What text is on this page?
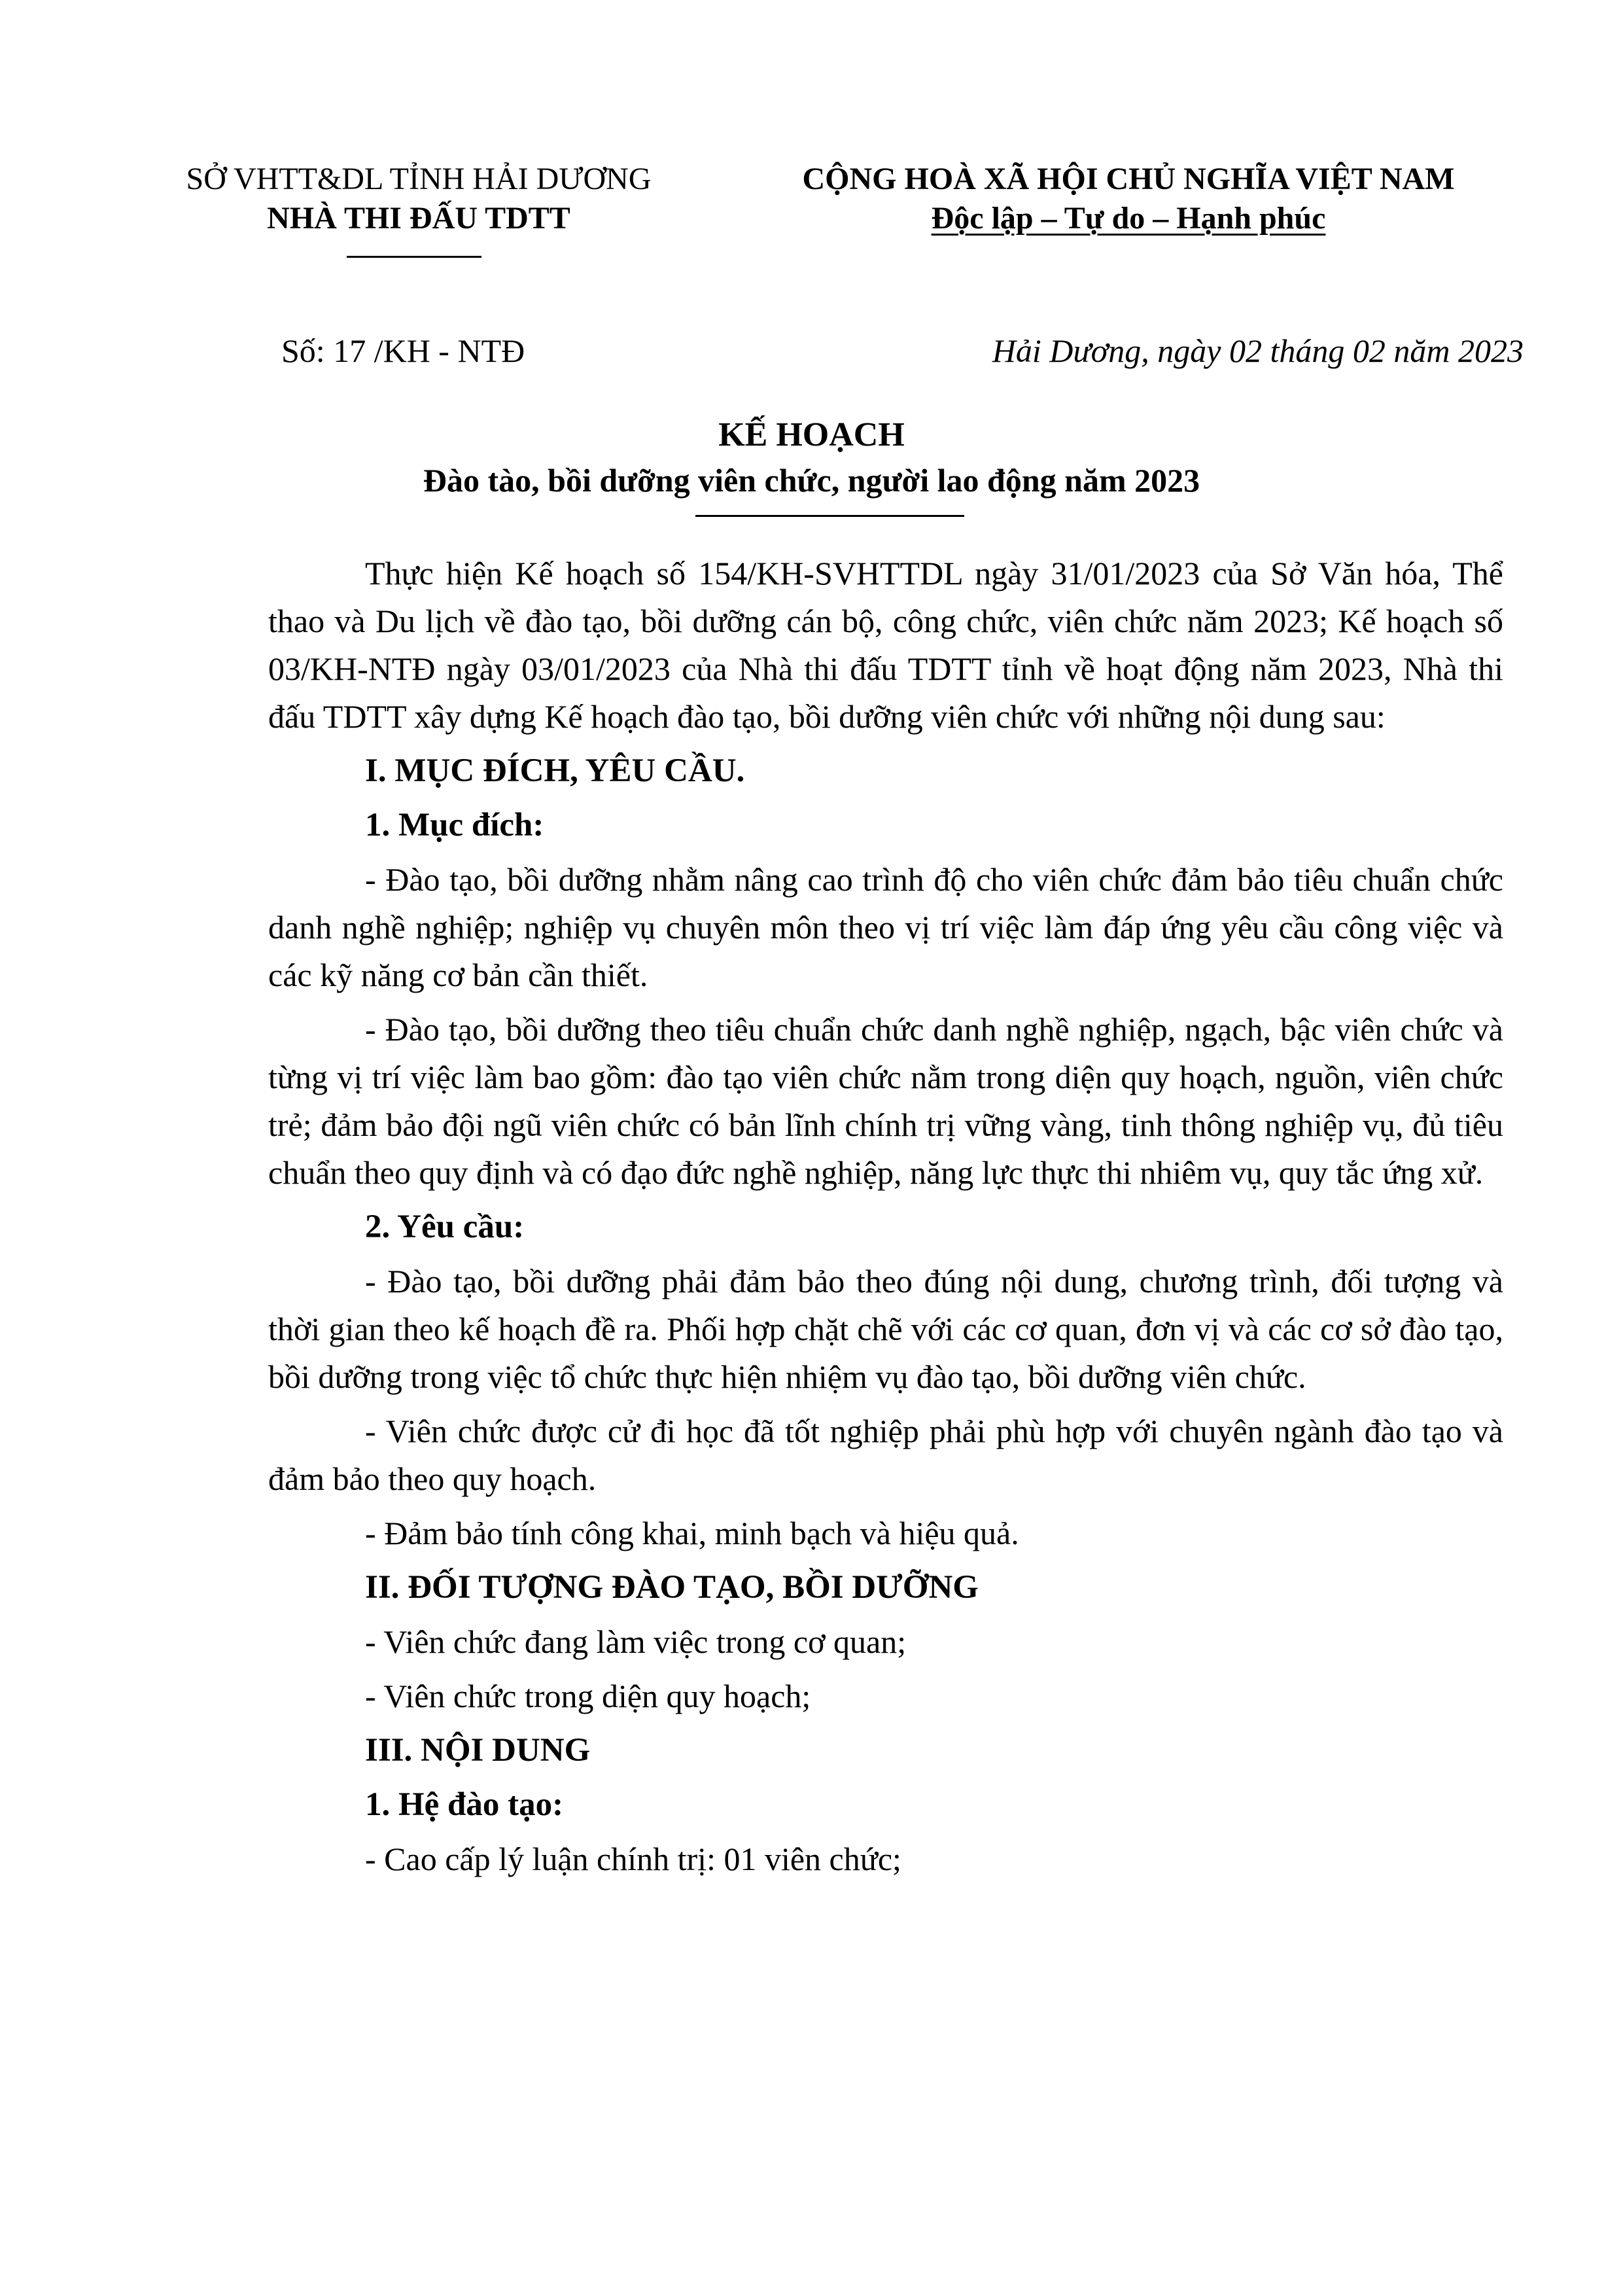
SỞ VHTT&DL TỈNH HẢI DƯƠNG
NHÀ THI ĐẤU TDTT
CỘNG HOÀ XÃ HỘI CHỦ NGHĨA VIỆT NAM
Độc lập – Tự do – Hạnh phúc
Số: 17 /KH - NTĐ	Hải Dương, ngày 02 tháng 02 năm 2023
KẾ HOẠCH
Đào tào, bồi dưỡng viên chức, người lao động năm 2023

Thực hiện Kế hoạch số 154/KH-SVHTTDL ngày 31/01/2023 của Sở Văn hóa, Thể thao và Du lịch về đào tạo, bồi dưỡng cán bộ, công chức, viên chức năm 2023; Kế hoạch số 03/KH-NTĐ ngày 03/01/2023 của Nhà thi đấu TDTT tỉnh về hoạt động năm 2023, Nhà thi đấu TDTT xây dựng Kế hoạch đào tạo, bồi dưỡng viên chức với những nội dung sau:

I. MỤC ĐÍCH, YÊU CẦU.
1. Mục đích:

- Đào tạo, bồi dưỡng nhằm nâng cao trình độ cho viên chức đảm bảo tiêu chuẩn chức danh nghề nghiệp; nghiệp vụ chuyên môn theo vị trí việc làm đáp ứng yêu cầu công việc và các kỹ năng cơ bản cần thiết.

- Đào tạo, bồi dưỡng theo tiêu chuẩn chức danh nghề nghiệp, ngạch, bậc viên chức và từng vị trí việc làm bao gồm: đào tạo viên chức nằm trong diện quy hoạch, nguồn, viên chức trẻ; đảm bảo đội ngũ viên chức có bản lĩnh chính trị vững vàng, tinh thông nghiệp vụ, đủ tiêu chuẩn theo quy định và có đạo đức nghề nghiệp, năng lực thực thi nhiêm vụ, quy tắc ứng xử.

2. Yêu cầu:

- Đào tạo, bồi dưỡng phải đảm bảo theo đúng nội dung, chương trình, đối tượng và thời gian theo kế hoạch đề ra. Phối hợp chặt chẽ với các cơ quan, đơn vị và các cơ sở đào tạo, bồi dưỡng trong việc tổ chức thực hiện nhiệm vụ đào tạo, bồi dưỡng viên chức.

- Viên chức được cử đi học đã tốt nghiệp phải phù hợp với chuyên ngành đào tạo và đảm bảo theo quy hoạch.

- Đảm bảo tính công khai, minh bạch và hiệu quả.

II. ĐỐI TƯỢNG ĐÀO TẠO, BỒI DƯỠNG

- Viên chức đang làm việc trong cơ quan;

- Viên chức trong diện quy hoạch;

III. NỘI DUNG
1. Hệ đào tạo:

- Cao cấp lý luận chính trị: 01 viên chức;
